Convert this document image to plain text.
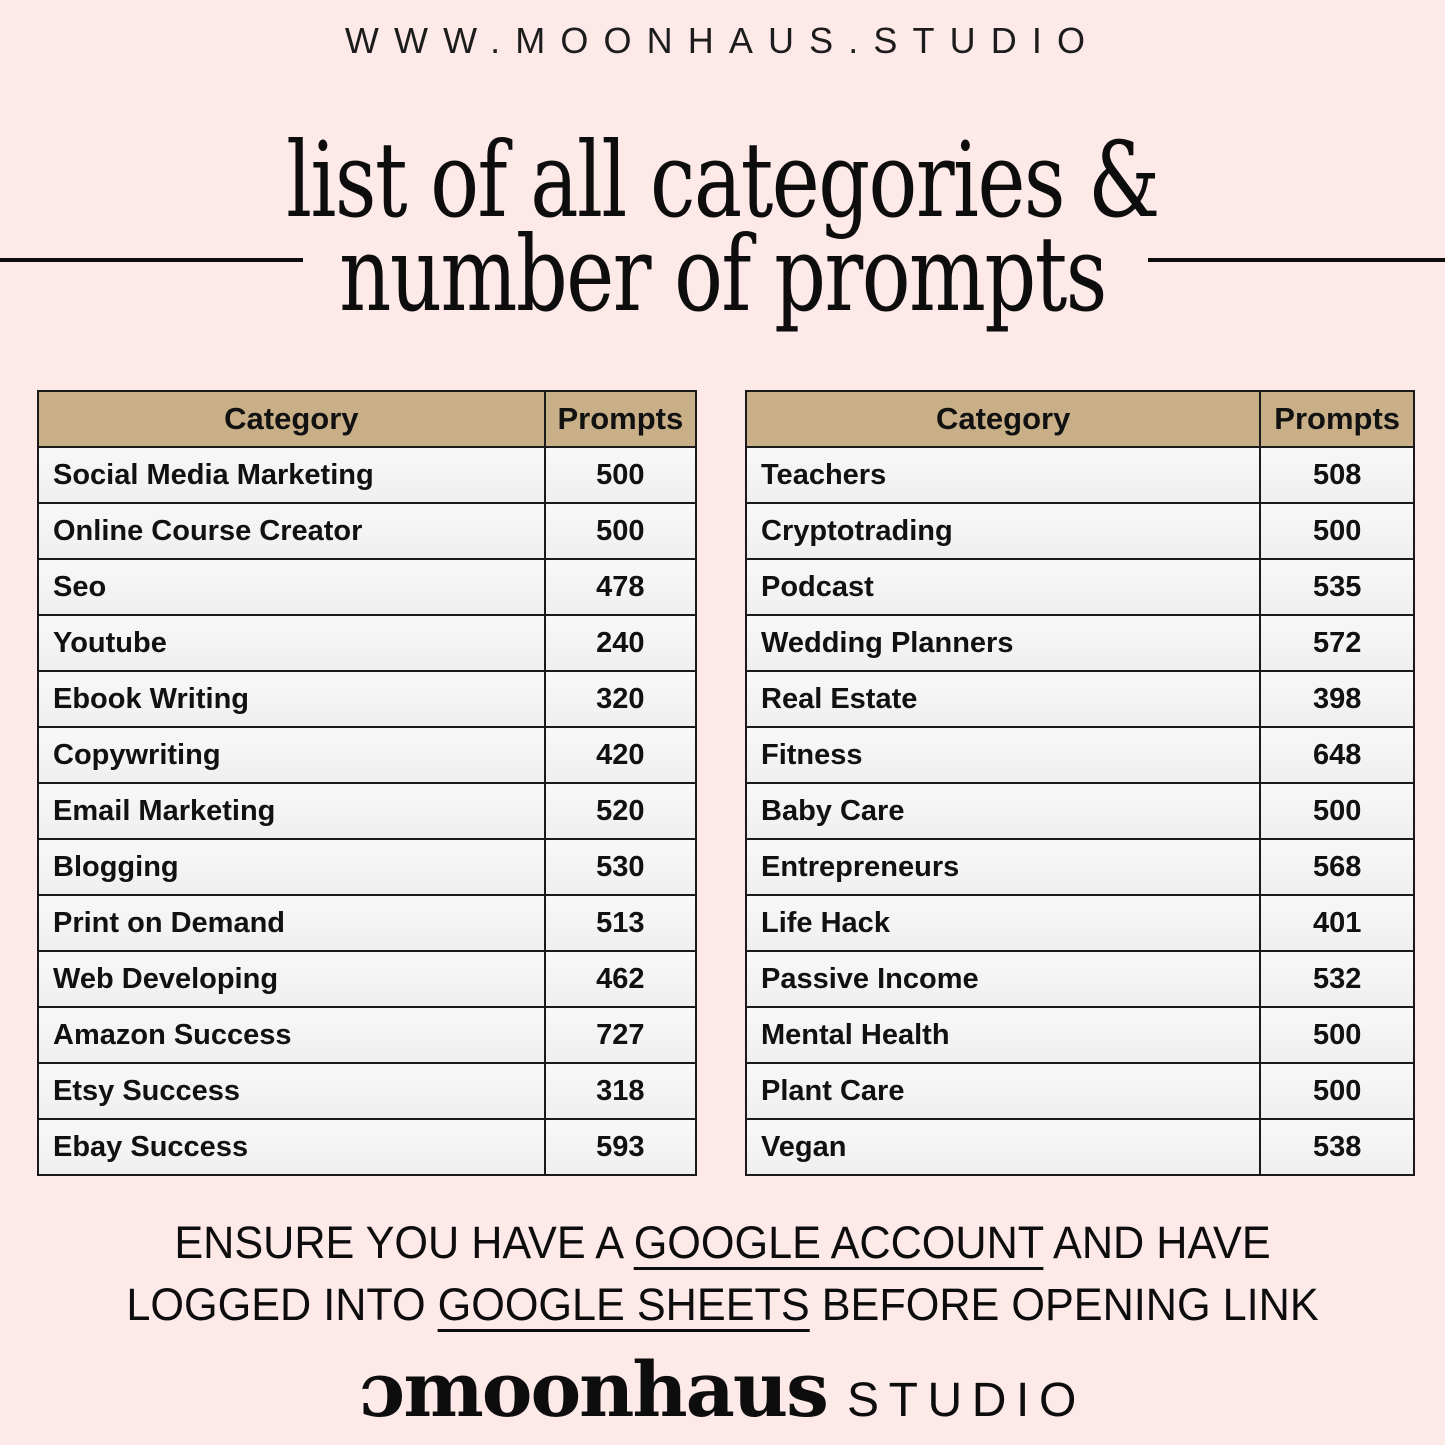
WWW.MOONHAUS.STUDIO
list of all categories &
number of prompts
Category	Prompts
Social Media Marketing	500
Online Course Creator	500
Seo	478
Youtube	240
Ebook Writing	320
Copywriting	420
Email Marketing	520
Blogging	530
Print on Demand	513
Web Developing	462
Amazon Success	727
Etsy Success	318
Ebay Success	593
Category	Prompts
Teachers	508
Cryptotrading	500
Podcast	535
Wedding Planners	572
Real Estate	398
Fitness	648
Baby Care	500
Entrepreneurs	568
Life Hack	401
Passive Income	532
Mental Health	500
Plant Care	500
Vegan	538
ENSURE YOU HAVE A GOOGLE ACCOUNT AND HAVE
LOGGED INTO GOOGLE SHEETS BEFORE OPENING LINK
ɔmoonhaus STUDIO
